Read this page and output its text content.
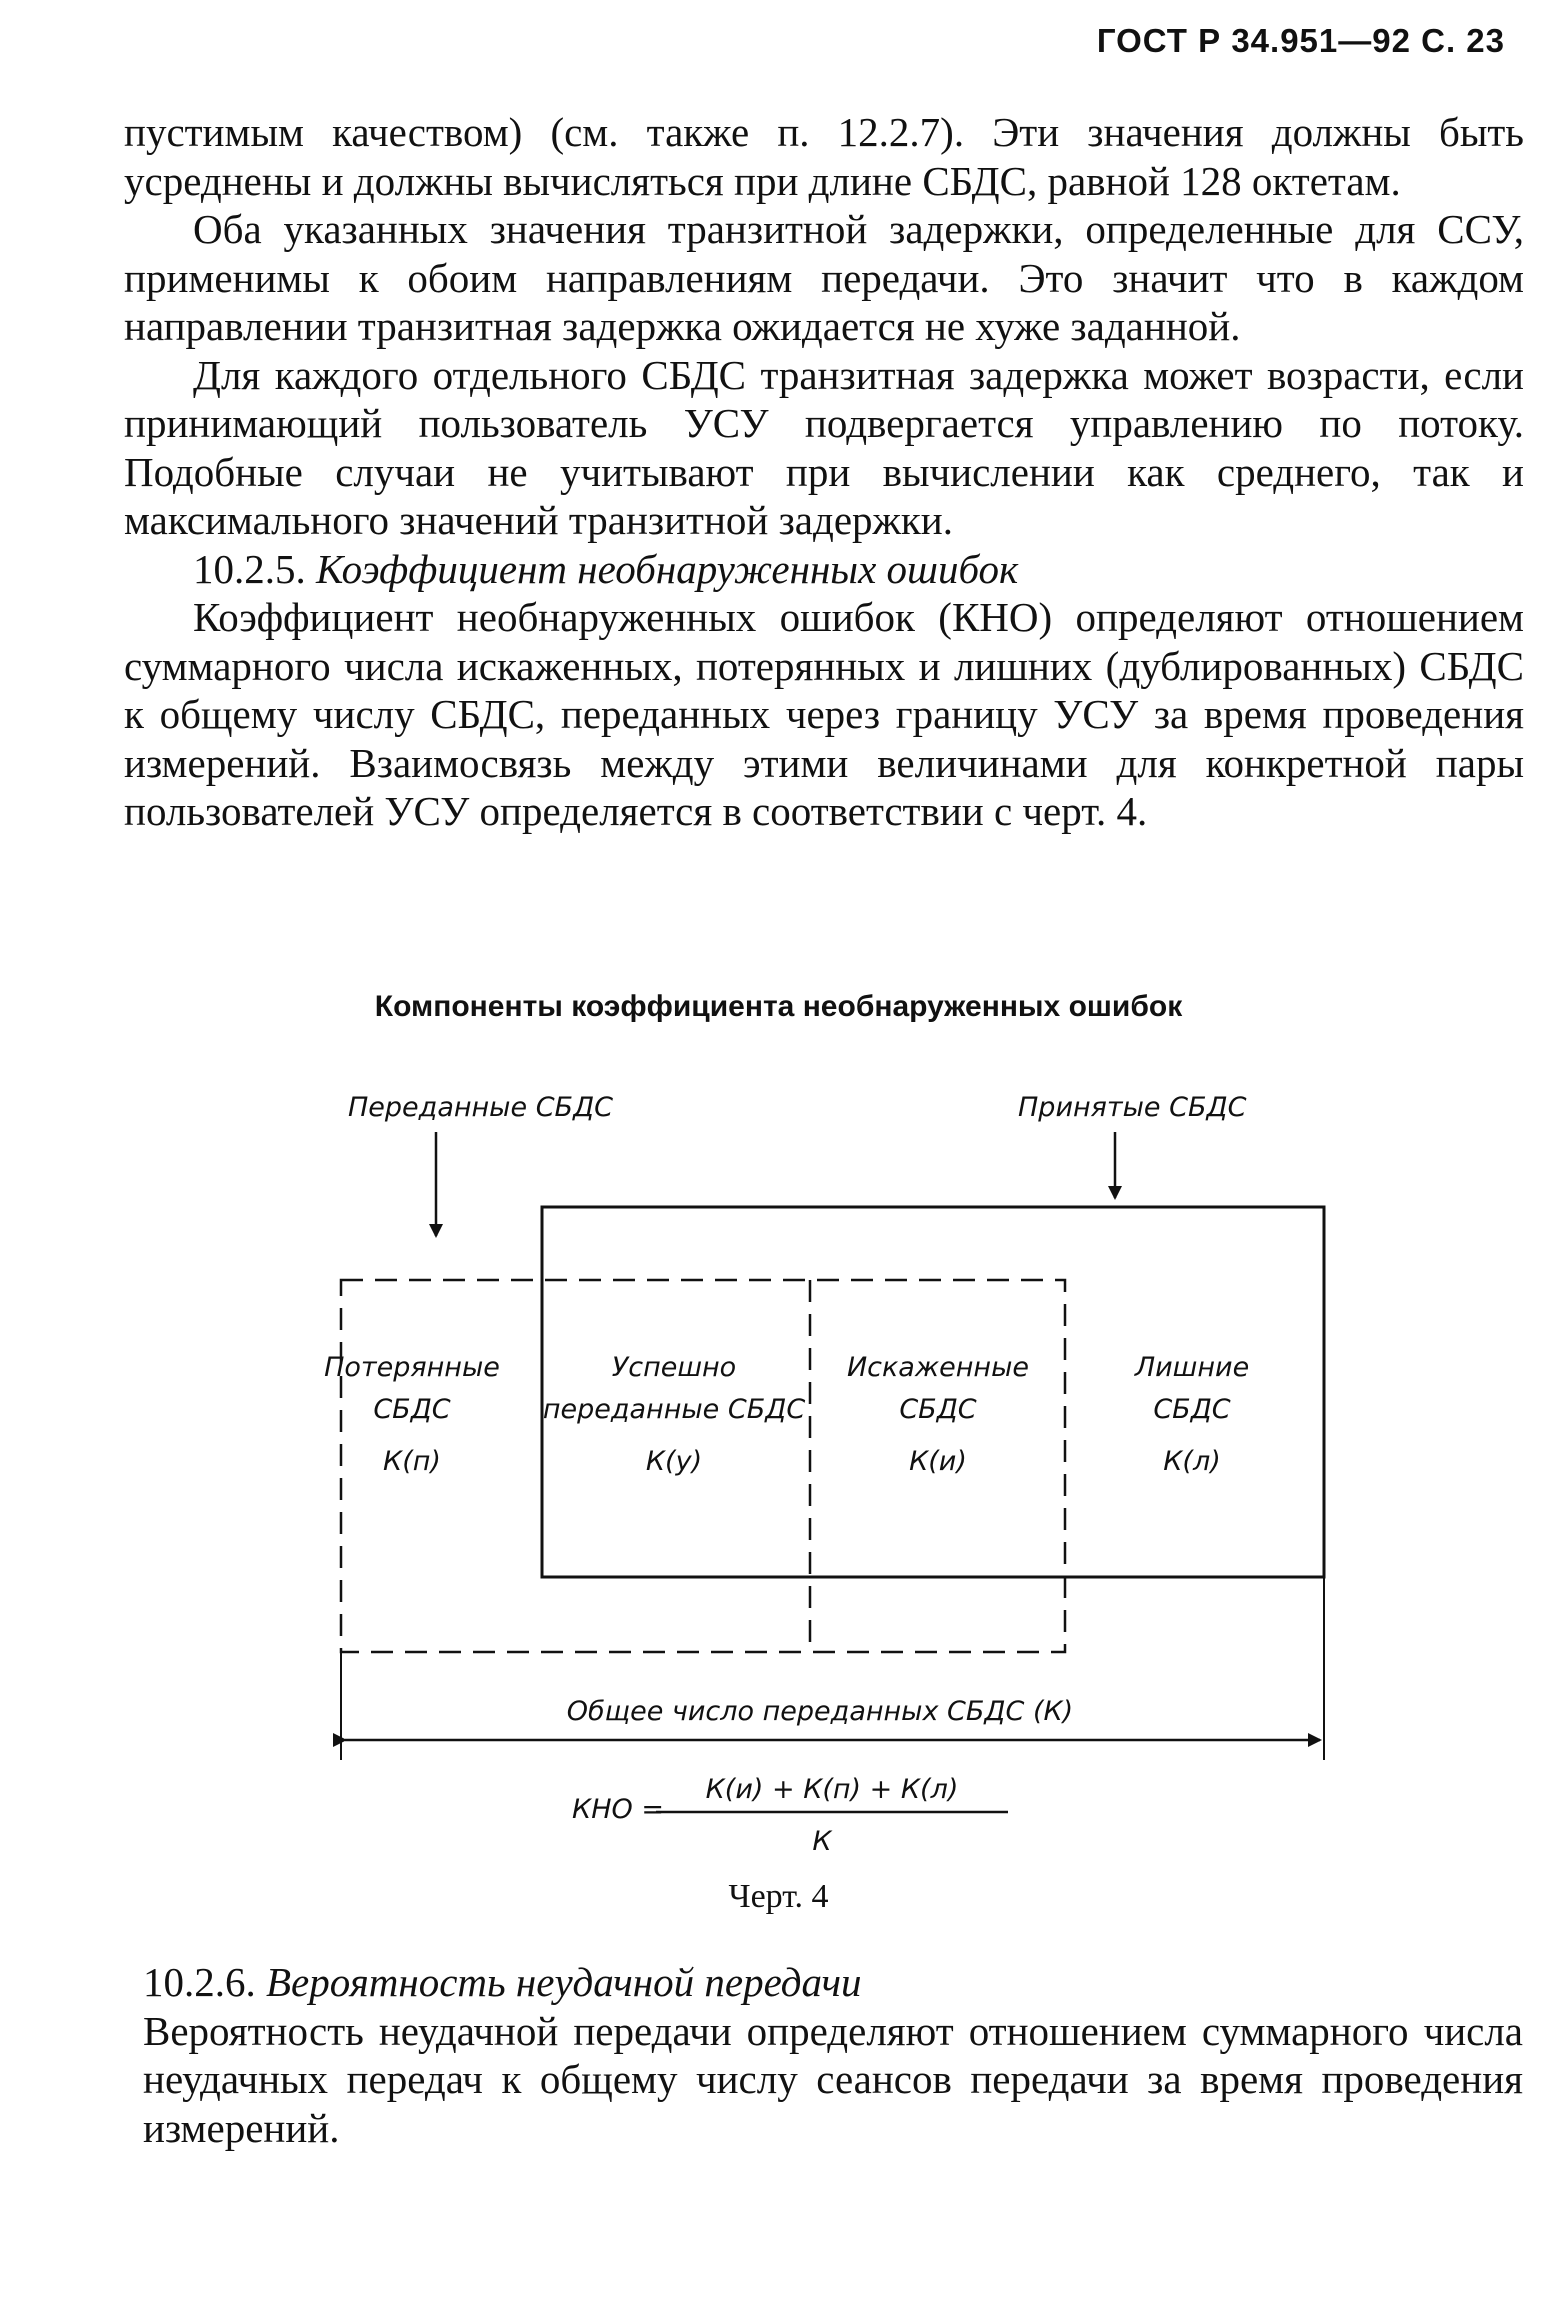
ГОСТ Р 34.951—92 С. 23

пустимым качеством) (см. также п. 12.2.7). Эти значения должны быть усреднены и должны вычисляться при длине СБДС, равной 128 октетам.

Оба указанных значения транзитной задержки, определенные для ССУ, применимы к обоим направлениям передачи. Это значит что в каждом направлении транзитная задержка ожидается не хуже заданной.

Для каждого отдельного СБДС транзитная задержка может возрасти, если принимающий пользователь УСУ подвергается управлению по потоку. Подобные случаи не учитывают при вычислении как среднего, так и максимального значений транзитной задержки.

10.2.5. Коэффициент необнаруженных ошибок

Коэффициент необнаруженных ошибок (КНО) определяют отношением суммарного числа искаженных, потерянных и лишних (дублированных) СБДС к общему числу СБДС, переданных через границу УСУ за время проведения измерений. Взаимосвязь между этими величинами для конкретной пары пользователей УСУ определяется в соответствии с черт. 4.

Компоненты коэффициента необнаруженных ошибок
Переданные СБДС	Принятые СБДС
Потерянные
СБДС
К(п)
Успешно
переданные СБДС
К(у)
Искаженные
СБДС
К(и)
Лишние
СБДС
К(л)
Общее число переданных СБДС (К)
КНО =
К(и) + К(п) + К(л)
К
Черт. 4

10.2.6. Вероятность неудачной передачи

Вероятность неудачной передачи определяют отношением суммарного числа неудачных передач к общему числу сеансов передачи за время проведения измерений.
